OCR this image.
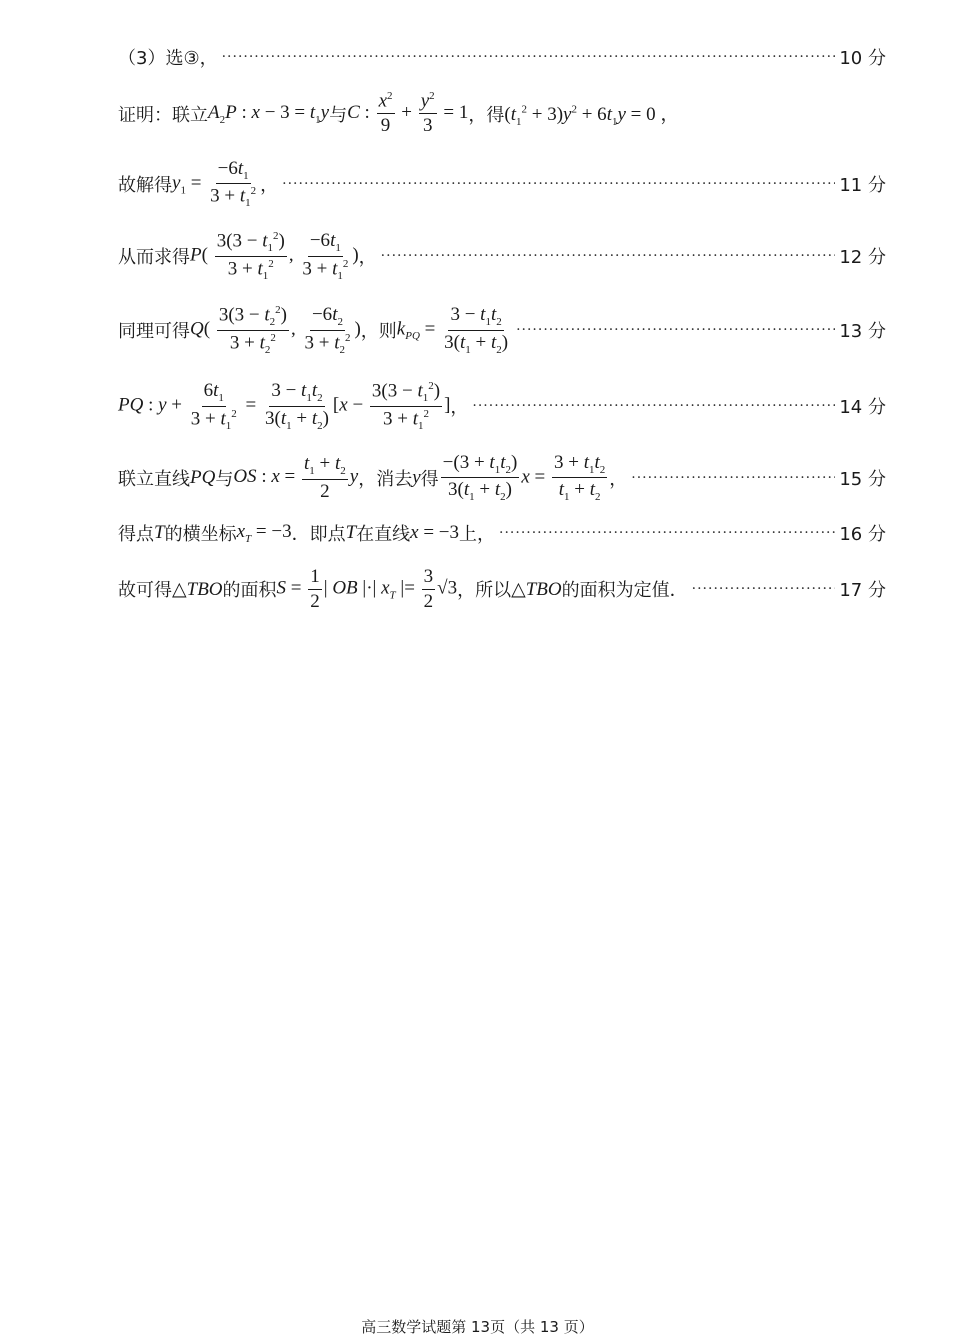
（3）选③， ·····	10 分
证明：联立 $A_2P$ : $x - 3 = t_1y$ 与 C : $\frac{x^2}{9} + \frac{y^2}{3} = 1$ ，得 $(t_1^2 + 3)y^2 + 6t_1y = 0$ ，
故解得 $y_1 = \frac{-6t_1}{3 + t_1^2}$ ， ·····	11 分
从而求得 $P( \frac{3(3 - t_1^2)}{3 + t_1^2}$ , $\frac{-6t_1}{3 + t_1^2}$ ) ， ·····	12 分
同理可得 $Q( \frac{3(3 - t_2^2)}{3 + t_2^2}$ , $\frac{-6t_2}{3 + t_2^2}$ ) ，则 $k_{PQ} = \frac{3 - t_1t_2}{3(t_1 + t_2)}$ ·····	13 分
PQ : $y + \frac{6t_1}{3 + t_1^2} = \frac{3 - t_1t_2}{3(t_1 + t_2)} [x - \frac{3(3 - t_1^2)}{3 + t_1^2}$ ] ， ·····	14 分
联立直线 PQ 与 OS : $x = \frac{t_1 + t_2}{2}$ y ，消去 y 得 $\frac{-(3 + t_1t_2)}{3(t_1 + t_2)}$ $x = \frac{3 + t_1t_2}{t_1 + t_2}$ ， ·····	15 分
得点 T 的横坐标 $x_T = -3$ ．即点 T 在直线 x = −3 上， ·····	16 分
故可得 △TBO 的面积 $S = \frac{1}{2}$ | OB |·| $x_T$ |= $\frac{3}{2} √3$ ，所以 △TBO 的面积为定值． ·····	17 分
高三数学试题第 13页（共 13 页）
